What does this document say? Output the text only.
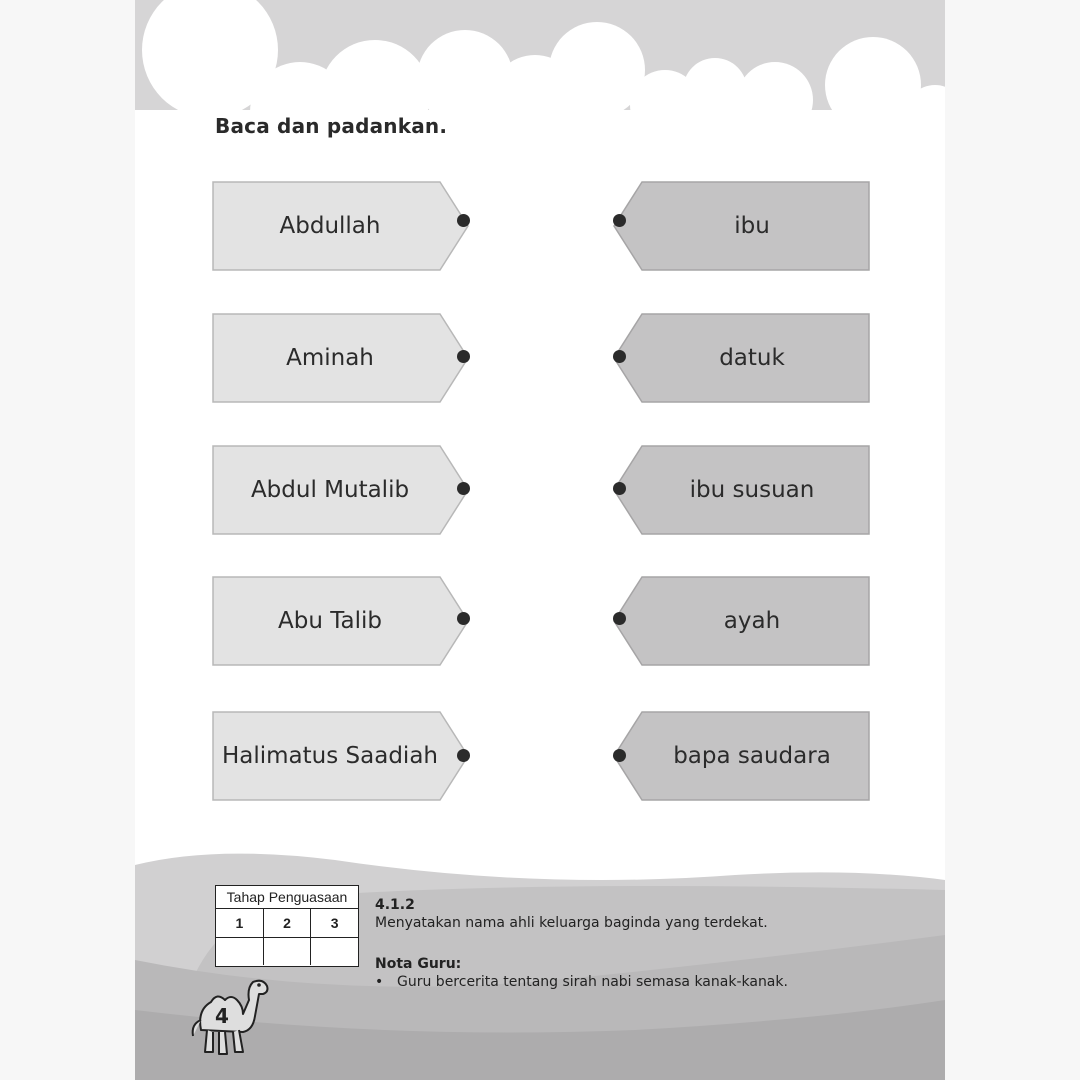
Baca dan padankan.
Abdullah
Aminah
Abdul Mutalib
Abu Talib
Halimatus Saadiah
ibu
datuk
ibu susuan
ayah
bapa saudara
Tahap Penguasaan
1	2	3
4.1.2
Menyatakan nama ahli keluarga baginda yang terdekat.
Nota Guru:
• Guru bercerita tentang sirah nabi semasa kanak-kanak.
4
